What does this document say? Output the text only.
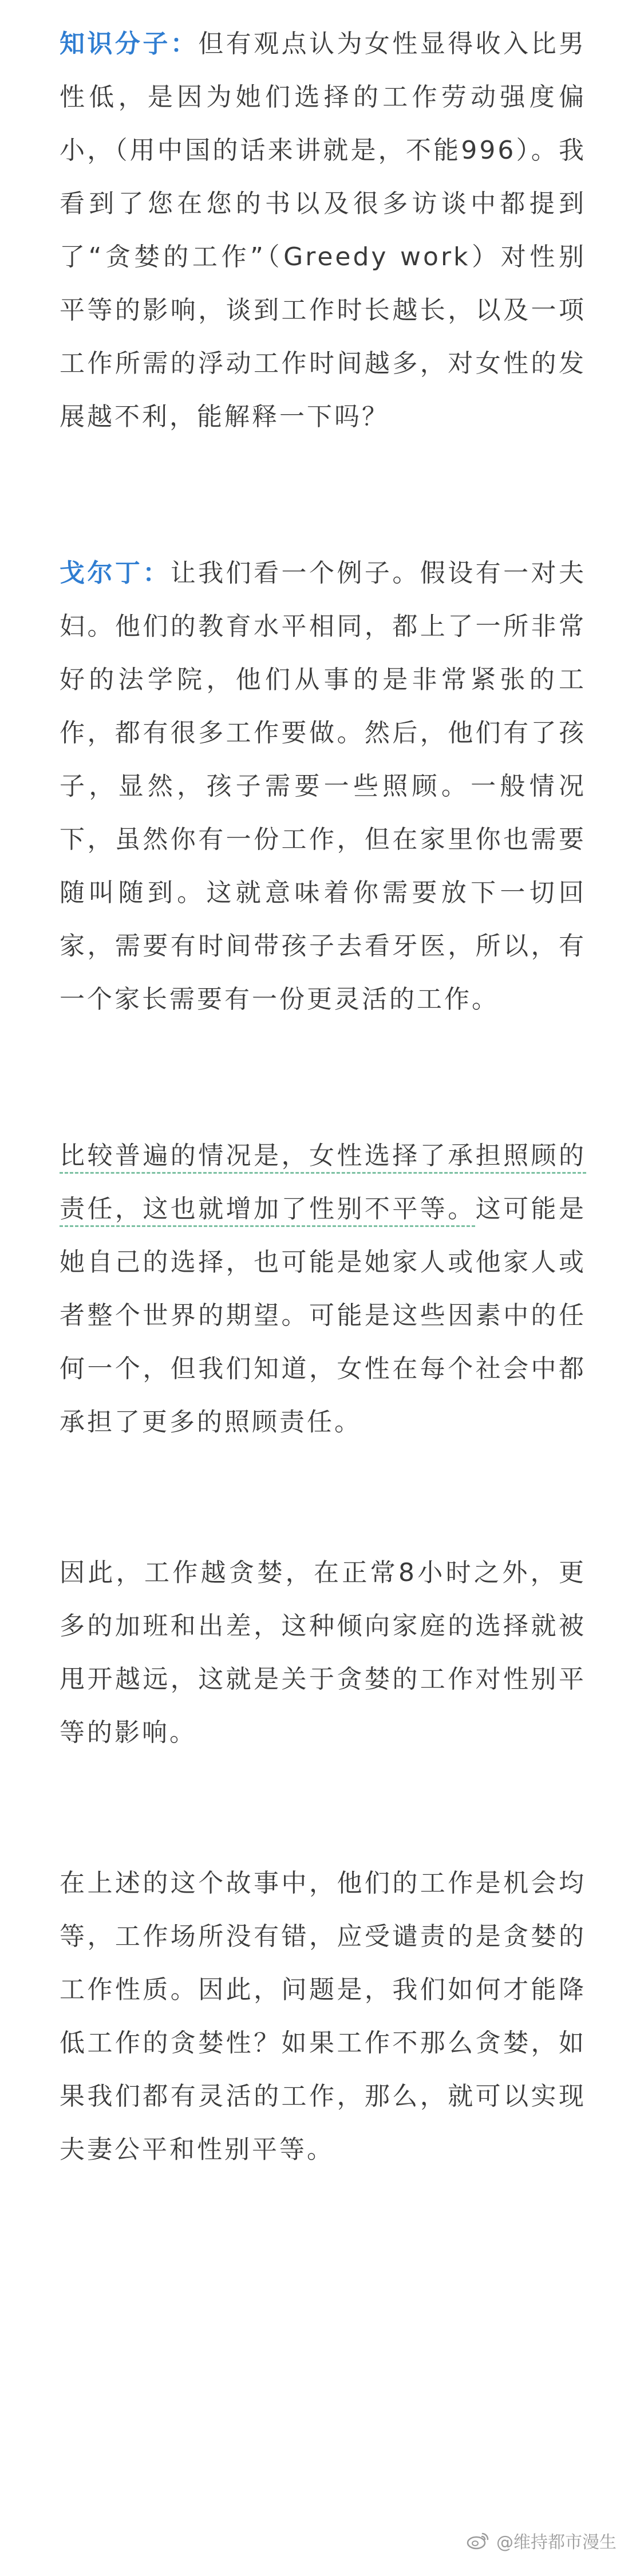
知识分子：但有观点认为女性显得收入比男性低，是因为她们选择的工作劳动强度偏小，（用中国的话来讲就是，不能996）。我看到了您在您的书以及很多访谈中都提到了“贪婪的工作”（Greedy work）对性别平等的影响，谈到工作时长越长，以及一项工作所需的浮动工作时间越多，对女性的发展越不利，能解释一下吗？

戈尔丁：让我们看一个例子。假设有一对夫妇。他们的教育水平相同，都上了一所非常好的法学院，他们从事的是非常紧张的工作，都有很多工作要做。然后，他们有了孩子，显然，孩子需要一些照顾。一般情况下，虽然你有一份工作，但在家里你也需要随叫随到。这就意味着你需要放下一切回家，需要有时间带孩子去看牙医，所以，有一个家长需要有一份更灵活的工作。

比较普遍的情况是，女性选择了承担照顾的责任，这也就增加了性别不平等。这可能是她自己的选择，也可能是她家人或他家人或者整个世界的期望。可能是这些因素中的任何一个，但我们知道，女性在每个社会中都承担了更多的照顾责任。

因此，工作越贪婪，在正常8小时之外，更多的加班和出差，这种倾向家庭的选择就被甩开越远，这就是关于贪婪的工作对性别平等的影响。

在上述的这个故事中，他们的工作是机会均等，工作场所没有错，应受谴责的是贪婪的工作性质。因此，问题是，我们如何才能降低工作的贪婪性？如果工作不那么贪婪，如果我们都有灵活的工作，那么，就可以实现夫妻公平和性别平等。

@维持都市漫生
